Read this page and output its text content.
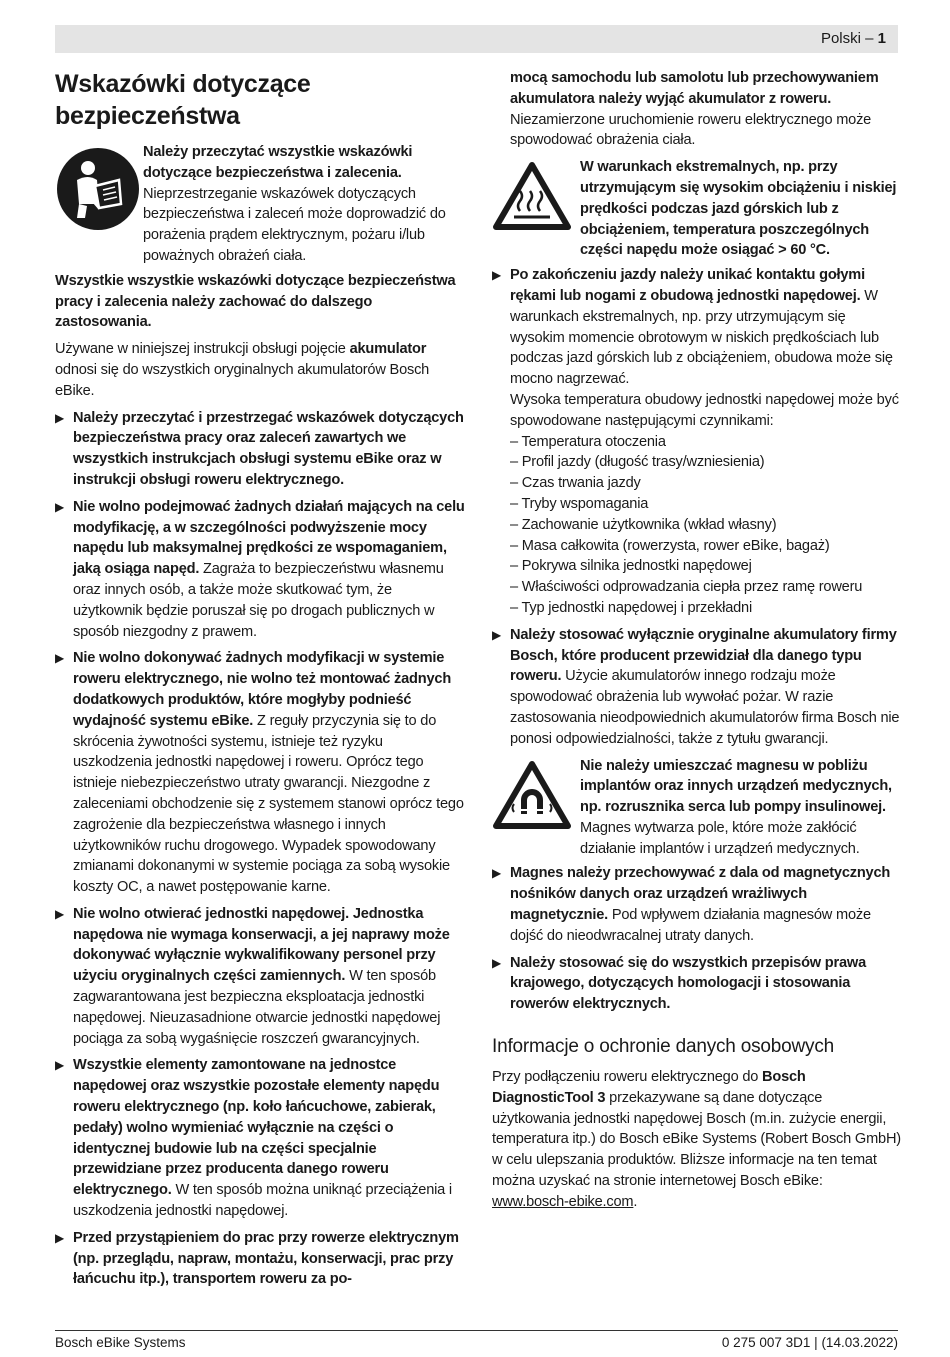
Polski – 1
Wskazówki dotyczące
bezpieczeństwa
Należy przeczytać wszystkie wskazówki dotyczące bezpieczeństwa i zalecenia. Nieprzestrzeganie wskazówek dotyczących bezpieczeństwa i zaleceń może doprowadzić do porażenia prądem elektrycznym, pożaru i/lub poważnych obrażeń ciała.

Wszystkie wszystkie wskazówki dotyczące bezpieczeństwa pracy i zalecenia należy zachować do dalszego zastosowania.

Używane w niniejszej instrukcji obsługi pojęcie akumulator odnosi się do wszystkich oryginalnych akumulatorów Bosch eBike.

▶ Należy przeczytać i przestrzegać wskazówek dotyczących bezpieczeństwa pracy oraz zaleceń zawartych we wszystkich instrukcjach obsługi systemu eBike oraz w instrukcji obsługi roweru elektrycznego.
▶ Nie wolno podejmować żadnych działań mających na celu modyfikację, a w szczególności podwyższenie mocy napędu lub maksymalnej prędkości ze wspomaganiem, jaką osiąga napęd. Zagraża to bezpieczeństwu własnemu oraz innych osób, a także może skutkować tym, że użytkownik będzie poruszał się po drogach publicznych w sposób niezgodny z prawem.
▶ Nie wolno dokonywać żadnych modyfikacji w systemie roweru elektrycznego, nie wolno też montować żadnych dodatkowych produktów, które mogłyby podnieść wydajność systemu eBike. Z reguły przyczynia się to do skrócenia żywotności systemu, istnieje też ryzyku uszkodzenia jednostki napędowej i roweru. Oprócz tego istnieje niebezpieczeństwo utraty gwarancji. Niezgodne z zaleceniami obchodzenie się z systemem stanowi oprócz tego zagrożenie dla bezpieczeństwa własnego i innych użytkowników ruchu drogowego. Wypadek spowodowany zmianami dokonanymi w systemie pociąga za sobą wysokie koszty OC, a nawet postępowanie karne.
▶ Nie wolno otwierać jednostki napędowej. Jednostka napędowa nie wymaga konserwacji, a jej naprawy może dokonywać wyłącznie wykwalifikowany personel przy użyciu oryginalnych części zamiennych. W ten sposób zagwarantowana jest bezpieczna eksploatacja jednostki napędowej. Nieuzasadnione otwarcie jednostki napędowej pociąga za sobą wygaśnięcie roszczeń gwarancyjnych.
▶ Wszystkie elementy zamontowane na jednostce napędowej oraz wszystkie pozostałe elementy napędu roweru elektrycznego (np. koło łańcuchowe, zabierak, pedały) wolno wymieniać wyłącznie na części o identycznej budowie lub na części specjalnie przewidziane przez producenta danego roweru elektrycznego. W ten sposób można uniknąć przeciążenia i uszkodzenia jednostki napędowej.
▶ Przed przystąpieniem do prac przy rowerze elektrycznym (np. przeglądu, napraw, montażu, konserwacji, prac przy łańcuchu itp.), transportem roweru za po-

mocą samochodu lub samolotu lub przechowywaniem akumulatora należy wyjąć akumulator z roweru. Niezamierzone uruchomienie roweru elektrycznego może spowodować obrażenia ciała.

W warunkach ekstremalnych, np. przy utrzymującym się wysokim obciążeniu i niskiej prędkości podczas jazd górskich lub z obciążeniem, temperatura poszczególnych części napędu może osiągać > 60 °C.
▶ Po zakończeniu jazdy należy unikać kontaktu gołymi rękami lub nogami z obudową jednostki napędowej. W warunkach ekstremalnych, np. przy utrzymującym się wysokim momencie obrotowym w niskich prędkościach lub podczas jazd górskich lub z obciążeniem, obudowa może się mocno nagrzewać.
Wysoka temperatura obudowy jednostki napędowej może być spowodowane następującymi czynnikami:
– Temperatura otoczenia
– Profil jazdy (długość trasy/wzniesienia)
– Czas trwania jazdy
– Tryby wspomagania
– Zachowanie użytkownika (wkład własny)
– Masa całkowita (rowerzysta, rower eBike, bagaż)
– Pokrywa silnika jednostki napędowej
– Właściwości odprowadzania ciepła przez ramę roweru
– Typ jednostki napędowej i przekładni
▶ Należy stosować wyłącznie oryginalne akumulatory firmy Bosch, które producent przewidział dla danego typu roweru. Użycie akumulatorów innego rodzaju może spowodować obrażenia lub wywołać pożar. W razie zastosowania nieodpowiednich akumulatorów firma Bosch nie ponosi odpowiedzialności, także z tytułu gwarancji.
Nie należy umieszczać magnesu w pobliżu implantów oraz innych urządzeń medycznych, np. rozrusznika serca lub pompy insulinowej. Magnes wytwarza pole, które może zakłócić działanie implantów i urządzeń medycznych.
▶ Magnes należy przechowywać z dala od magnetycznych nośników danych oraz urządzeń wrażliwych magnetycznie. Pod wpływem działania magnesów może dojść do nieodwracalnej utraty danych.
▶ Należy stosować się do wszystkich przepisów prawa krajowego, dotyczących homologacji i stosowania rowerów elektrycznych.
Informacje o ochronie danych osobowych

Przy podłączeniu roweru elektrycznego do Bosch DiagnosticTool 3 przekazywane są dane dotyczące użytkowania jednostki napędowej Bosch (m.in. zużycie energii, temperatura itp.) do Bosch eBike Systems (Robert Bosch GmbH) w celu ulepszania produktów. Bliższe informacje na ten temat można uzyskać na stronie internetowej Bosch eBike: www.bosch-ebike.com.

Bosch eBike Systems	0 275 007 3D1 | (14.03.2022)
